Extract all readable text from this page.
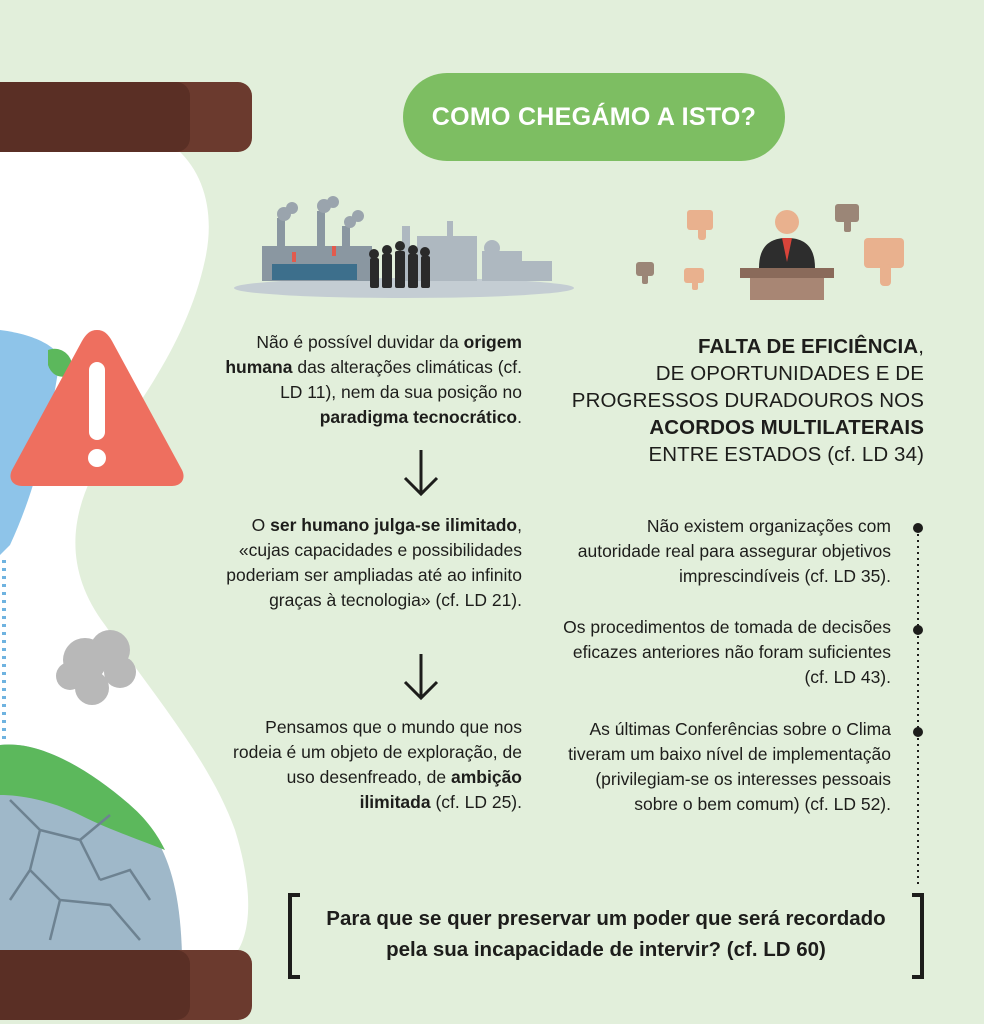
COMO CHEGÁMO A ISTO?
Não é possível duvidar da origem humana das alterações climáticas (cf. LD 11), nem da sua posição no paradigma tecnocrático.
O ser humano julga-se ilimitado, «cujas capacidades e possibilidades poderiam ser ampliadas até ao infinito graças à tecnologia» (cf. LD 21).
Pensamos que o mundo que nos rodeia é um objeto de exploração, de uso desenfreado, de ambição ilimitada (cf. LD 25).
FALTA DE EFICIÊNCIA,
DE OPORTUNIDADES E DE
PROGRESSOS DURADOUROS NOS
ACORDOS MULTILATERAIS
ENTRE ESTADOS (cf. LD 34)
Não existem organizações com autoridade real para assegurar objetivos imprescindíveis (cf. LD 35).
Os procedimentos de tomada de decisões eficazes anteriores não foram suficientes (cf. LD 43).
As últimas Conferências sobre o Clima tiveram um baixo nível de implementação (privilegiam-se os interesses pessoais sobre o bem comum) (cf. LD 52).
Para que se quer preservar um poder que será recordado
pela sua incapacidade de intervir? (cf. LD 60)
